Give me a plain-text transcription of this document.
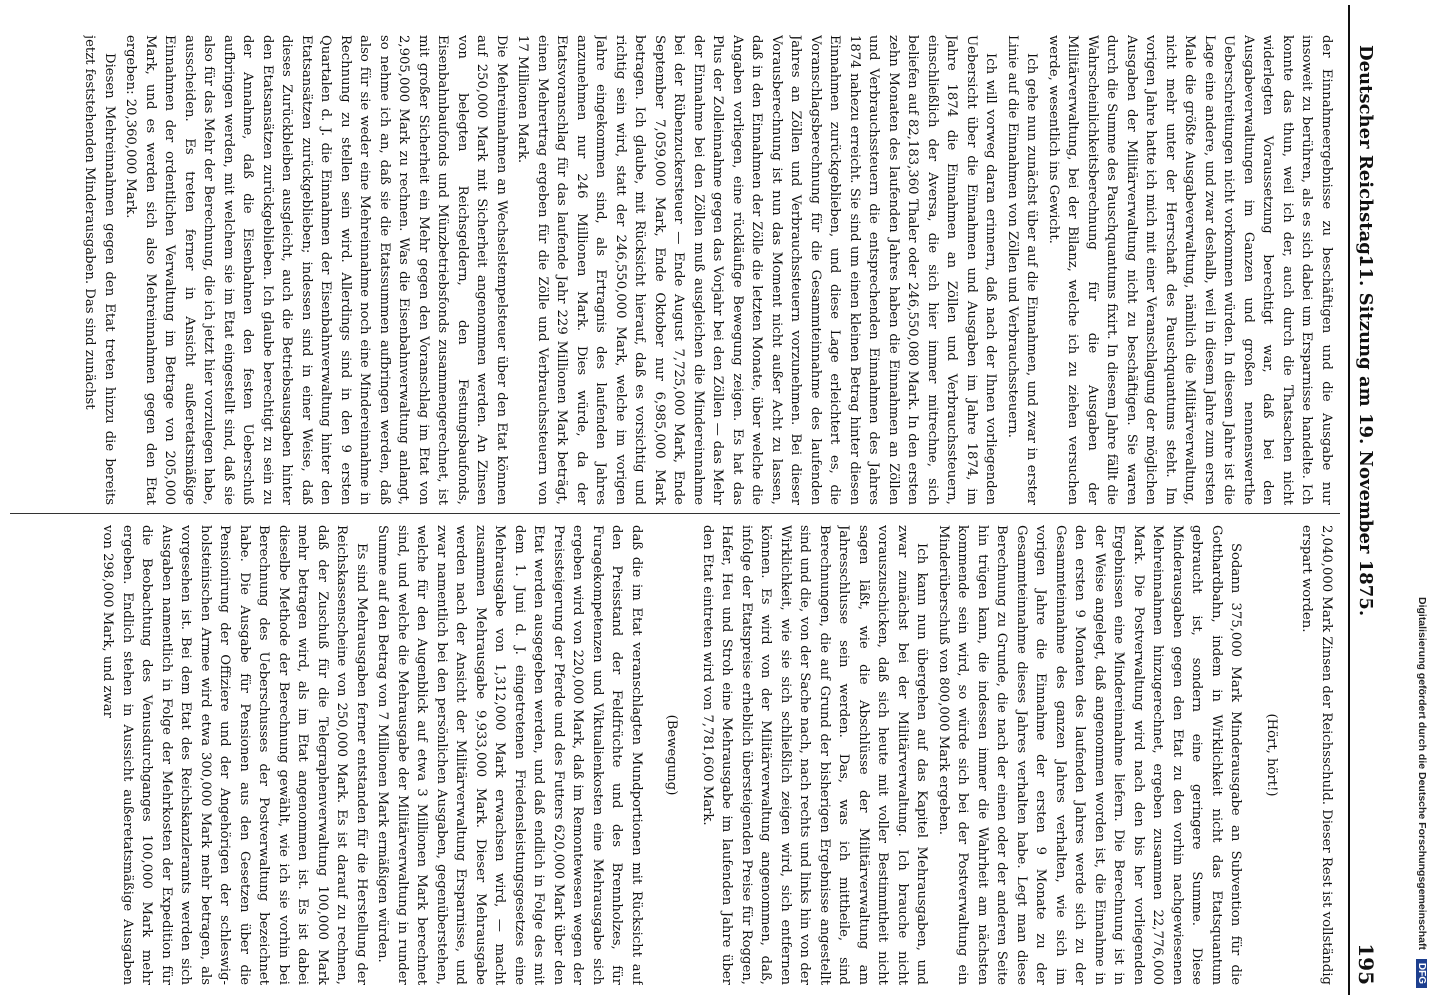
Deutscher Reichstag.
11. Sitzung am 19. November 1875.
195

der Einnahmeergebnisse zu beschäftigen und die Ausgabe nur insoweit zu berühren, als es sich dabei um Ersparnisse handelte. Ich konnte das thun, weil ich der, auch durch die Thatsachen nicht widerlegten Voraussetzung berechtigt war, daß bei den Ausgabeverwaltungen im Ganzen und großen nennenswerthe Ueberschreitungen nicht vorkommen würden. In diesem Jahre ist die Lage eine andere, und zwar deshalb, weil in diesem Jahre zum ersten Male die größte Ausgabeverwaltung, nämlich die Militärverwaltung, nicht mehr unter der Herrschaft des Pauschquantums steht. Im vorigen Jahre hatte ich mich mit einer Veranschlagung der möglichen Ausgaben der Militärverwaltung nicht zu beschäftigen. Sie waren durch die Summe des Pauschquantums fixirt. In diesem Jahre fällt die Wahrscheinlichkeitsberechnung für die Ausgaben der Militärverwaltung, bei der Bilanz, welche ich zu ziehen versuchen werde, wesentlich ins Gewicht.

Ich gehe nun zunächst über auf die Einnahmen, und zwar in erster Linie auf die Einnahmen von Zöllen und Verbrauchssteuern.

Ich will vorweg daran erinnern, daß nach der Ihnen vorliegenden Uebersicht über die Einnahmen und Ausgaben im Jahre 1874, im Jahre 1874 die Einnahmen an Zöllen und Verbrauchssteuern, einschließlich der Aversa, die sich hier immer mitrechne, sich beliefen auf 82,183,360 Thaler oder 246,550,080 Mark. In den ersten zehn Monaten des laufenden Jahres haben die Einnahmen an Zöllen und Verbrauchssteuern die entsprechenden Einnahmen des Jahres 1874 nahezu erreicht. Sie sind um einen kleinen Betrag hinter diesen Einnahmen zurückgeblieben, und diese Lage erleichtert es, die Voranschlagsberechnung für die Gesammteinnahme des laufenden Jahres an Zöllen und Verbrauchssteuern vorzunehmen. Bei dieser Vorausberechnung ist nun das Moment nicht außer Acht zu lassen, daß in den Einnahmen der Zölle die letzten Monate, über welche die Angaben vorliegen, eine rückläufige Bewegung zeigen. Es hat das Plus der Zolleinnahme gegen das Vorjahr bei den Zöllen — das Mehr der Einnahme bei den Zöllen muß ausgleichen die Mindereinnahme bei der Rübenzuckersteuer — Ende August 7,725,000 Mark, Ende September 7,059,000 Mark, Ende Oktober nur 6,985,000 Mark betragen. Ich glaube, mit Rücksicht hierauf, daß es vorsichtig und richtig sein wird, statt der 246,550,000 Mark, welche im vorigen Jahre eingekommen sind, als Ertragnis des laufenden Jahres anzunehmen nur 246 Millionen Mark. Dies würde, da der Etatsvoranschlag für das laufende Jahr 229 Millionen Mark beträgt, einen Mehrertrag ergeben für die Zölle und Verbrauchssteuern von 17 Millionen Mark.

Die Mehreinnahmen an Wechselstempelsteuer über den Etat können auf 250,000 Mark mit Sicherheit angenommen werden. An Zinsen von belegten Reichsgeldern, den Festungsbaufonds, Eisenbahnbaufonds und Münzbetriebsfonds zusammengerechnet, ist mit großer Sicherheit ein Mehr gegen den Voranschlag im Etat von 2,905,000 Mark zu rechnen. Was die Eisenbahnverwaltung anlangt, so nehme ich an, daß sie die Etatssummen aufbringen werden, daß also für sie weder eine Mehreinnahme noch eine Mindereinnahme in Rechnung zu stellen sein wird. Allerdings sind in den 9 ersten Quartalen d. J. die Einnahmen der Eisenbahnverwaltung hinter den Etatsansätzen zurückgeblieben; indessen sind in einer Weise, daß dieses Zurückbleiben ausgleicht, auch die Betriebsausgaben hinter den Etatsansätzen zurückgeblieben. Ich glaube berechtigt zu sein zu der Annahme, daß die Eisenbahnen den festen Ueberschuß aufbringen werden, mit welchem sie im Etat eingestellt sind, daß sie also für das Mehr der Berechnung, die ich jetzt hier vorzulegen habe, ausscheiden. Es treten ferner in Ansicht außeretatsmäßige Einnahmen der ordentlichen Verwaltung im Betrage von 205,000 Mark, und es werden sich also Mehreinnahmen gegen den Etat ergeben: 20,360,000 Mark.

Diesen Mehreinnahmen gegen den Etat treten hinzu die bereits jetzt feststehenden Minderausgaben. Das sind zunächst

2,040,000 Mark Zinsen der Reichsschuld. Dieser Rest ist vollständig erspart worden.

(Hört, hört!)

Sodann 375,000 Mark Minderausgabe an Subvention für die Gotthardbahn, indem in Wirklichkeit nicht das Etatsquantum gebraucht ist, sondern eine geringere Summe. Diese Minderausgaben gegen den Etat zu den vorhin nachgewiesenen Mehreinnahmen hinzugerechnet, ergeben zusammen 22,776,000 Mark. Die Postverwaltung wird nach den bis her vorliegenden Ergebnissen eine Mindereinnahme liefern. Die Berechnung ist in der Weise angelegt, daß angenommen worden ist, die Einnahme in den ersten 9 Monaten des laufenden Jahres werde sich zu der Gesammteinnahme des ganzen Jahres verhalten, wie sich im vorigen Jahre die Einnahme der ersten 9 Monate zu der Gesammteinnahme dieses Jahres verhalten habe. Legt man diese Berechnung zu Grunde, die nach der einen oder der anderen Seite hin trügen kann, die indessen immer die Wahrheit am nächsten kommende sein wird, so würde sich bei der Postverwaltung ein Minderüberschuß von 800,000 Mark ergeben.

Ich kann nun übergehen auf das Kapitel Mehrausgaben, und zwar zunächst bei der Militärverwaltung. Ich brauche nicht vorauszuschicken, daß sich heute mit voller Bestimmtheit nicht sagen läßt, wie die Abschlüsse der Militärverwaltung am Jahresschlusse sein werden. Das, was ich mittheile, sind Berechnungen, die auf Grund der bisherigen Ergebnisse angestellt sind und die, von der Sache nach, nach rechts und links hin von der Wirklichkeit, wie sie sich schließlich zeigen wird, sich entfernen können. Es wird von der Militärverwaltung angenommen, daß, infolge der Etatspreise erheblich übersteigenden Preise für Roggen, Hafer, Heu und Stroh eine Mehrausgabe im laufenden Jahre über den Etat eintreten wird von 7,781,600 Mark.

(Bewegung)

daß die im Etat veranschlagten Mundportionen mit Rücksicht auf den Preisstand der Feldfrüchte und des Brennholzes, für Furagekompetenzen und Viktualienkosten eine Mehrausgabe sich ergeben wird von 220,000 Mark, daß im Remontewesen wegen der Preissteigerung der Pferde und des Futters 620,000 Mark über den Etat werden ausgegeben werden, und daß endlich in Folge des mit dem 1. Juni d. J. eingetretenen Friedensleistungsgesetzes eine Mehrausgabe von 1,312,000 Mark erwachsen wird, — macht zusammen Mehrausgabe 9,933,000 Mark. Dieser Mehrausgabe werden nach der Ansicht der Militärverwaltung Ersparnisse, und zwar namentlich bei den persönlichen Ausgaben, gegenüberstehen, welche für den Augenblick auf etwa 3 Millionen Mark berechnet sind, und welche die Mehrausgabe der Militärverwaltung in runder Summe auf den Betrag von 7 Millionen Mark ermäßigen würden.

Es sind Mehrausgaben ferner entstanden für die Herstellung der Reichskassenscheine von 250,000 Mark. Es ist darauf zu rechnen, daß der Zuschuß für die Telegraphenverwaltung 100,000 Mark mehr betragen wird, als im Etat angenommen ist. Es ist dabei dieselbe Methode der Berechnung gewählt, wie ich sie vorhin bei Berechnung des Ueberschusses der Postverwaltung bezeichnet habe. Die Ausgabe für Pensionen aus den Gesetzen über die Pensionirung der Offiziere und der Angehörigen der schleswig-holsteinischen Armee wird etwa 300,000 Mark mehr betragen, als vorgesehen ist. Bei dem Etat des Reichskanzleramts werden sich Ausgaben namentlich in Folge der Mehrkosten der Expedition für die Beobachtung des Venusdurchganges 100,000 Mark mehr ergeben. Endlich stehen in Aussicht außeretatsmäßige Ausgaben von 298,000 Mark, und zwar	Digitalisierung gefördert durch die Deutsche Forschungsgemeinschaft DFG
